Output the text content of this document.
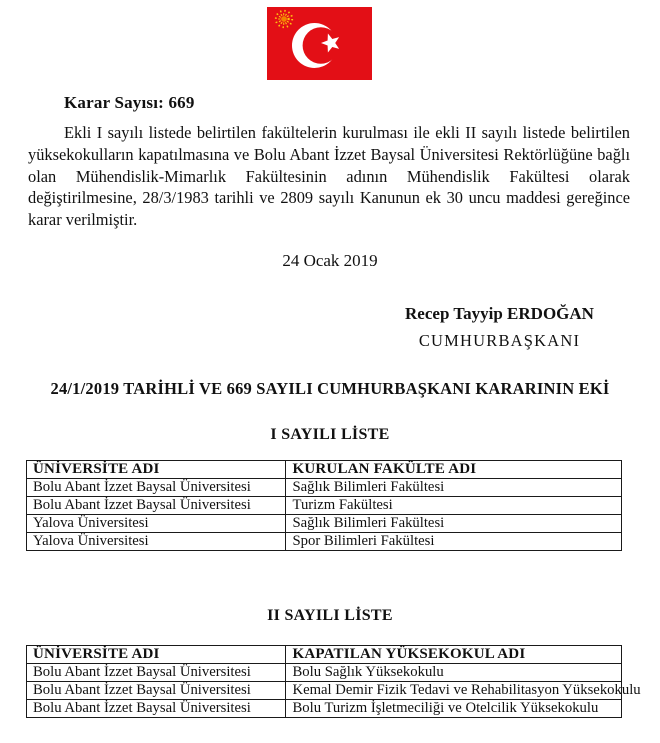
Karar Sayısı: 669

Ekli I sayılı listede belirtilen fakültelerin kurulması ile ekli II sayılı listede belirtilen yüksekokulların kapatılmasına ve Bolu Abant İzzet Baysal Üniversitesi Rektörlüğüne bağlı olan Mühendislik-Mimarlık Fakültesinin adının Mühendislik Fakültesi olarak değiştirilmesine, 28/3/1983 tarihli ve 2809 sayılı Kanunun ek 30 uncu maddesi gereğince karar verilmiştir.

24 Ocak 2019
Recep Tayyip ERDOĞAN
CUMHURBAŞKANI
24/1/2019 TARİHLİ VE 669 SAYILI CUMHURBAŞKANI KARARININ EKİ
I SAYILI LİSTE
ÜNİVERSİTE ADI	KURULAN FAKÜLTE ADI
Bolu Abant İzzet Baysal Üniversitesi	Sağlık Bilimleri Fakültesi
Bolu Abant İzzet Baysal Üniversitesi	Turizm Fakültesi
Yalova Üniversitesi	Sağlık Bilimleri Fakültesi
Yalova Üniversitesi	Spor Bilimleri Fakültesi
II SAYILI LİSTE
ÜNİVERSİTE ADI	KAPATILAN YÜKSEKOKUL ADI
Bolu Abant İzzet Baysal Üniversitesi	Bolu Sağlık Yüksekokulu
Bolu Abant İzzet Baysal Üniversitesi	Kemal Demir Fizik Tedavi ve Rehabilitasyon Yüksekokulu
Bolu Abant İzzet Baysal Üniversitesi	Bolu Turizm İşletmeciliği ve Otelcilik Yüksekokulu
